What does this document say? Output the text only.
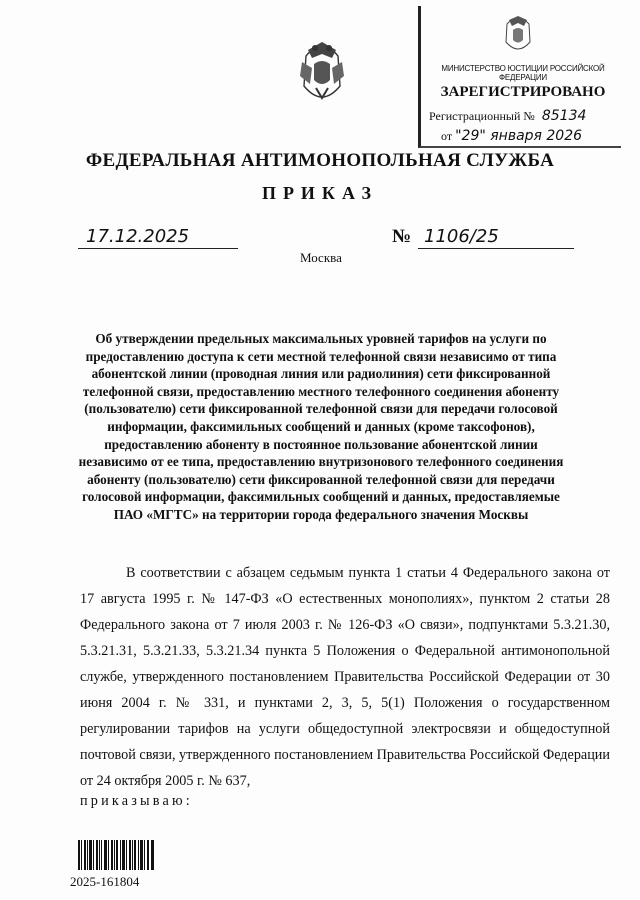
МИНИСТЕРСТВО ЮСТИЦИИ РОССИЙСКОЙ ФЕДЕРАЦИИ
ЗАРЕГИСТРИРОВАНО
Регистрационный № 85134
от "29" января 2026
ФЕДЕРАЛЬНАЯ АНТИМОНОПОЛЬНАЯ СЛУЖБА
ПРИКАЗ
17.12.2025
Москва
№ 1106/25
Об утверждении предельных максимальных уровней тарифов на услуги по предоставлению доступа к сети местной телефонной связи независимо от типа абонентской линии (проводная линия или радиолиния) сети фиксированной телефонной связи, предоставлению местного телефонного соединения абоненту (пользователю) сети фиксированной телефонной связи для передачи голосовой информации, факсимильных сообщений и данных (кроме таксофонов), предоставлению абоненту в постоянное пользование абонентской линии независимо от ее типа, предоставлению внутризонового телефонного соединения абоненту (пользователю) сети фиксированной телефонной связи для передачи голосовой информации, факсимильных сообщений и данных, предоставляемые ПАО «МГТС» на территории города федерального значения Москвы
В соответствии с абзацем седьмым пункта 1 статьи 4 Федерального закона от 17 августа 1995 г. № 147-ФЗ «О естественных монополиях», пунктом 2 статьи 28 Федерального закона от 7 июля 2003 г. № 126-ФЗ «О связи», подпунктами 5.3.21.30, 5.3.21.31, 5.3.21.33, 5.3.21.34 пункта 5 Положения о Федеральной антимонопольной службе, утвержденного постановлением Правительства Российской Федерации от 30 июня 2004 г. № 331, и пунктами 2, 3, 5, 5(1) Положения о государственном регулировании тарифов на услуги общедоступной электросвязи и общедоступной почтовой связи, утвержденного постановлением Правительства Российской Федерации от 24 октября 2005 г. № 637,
приказываю:
2025-161804
